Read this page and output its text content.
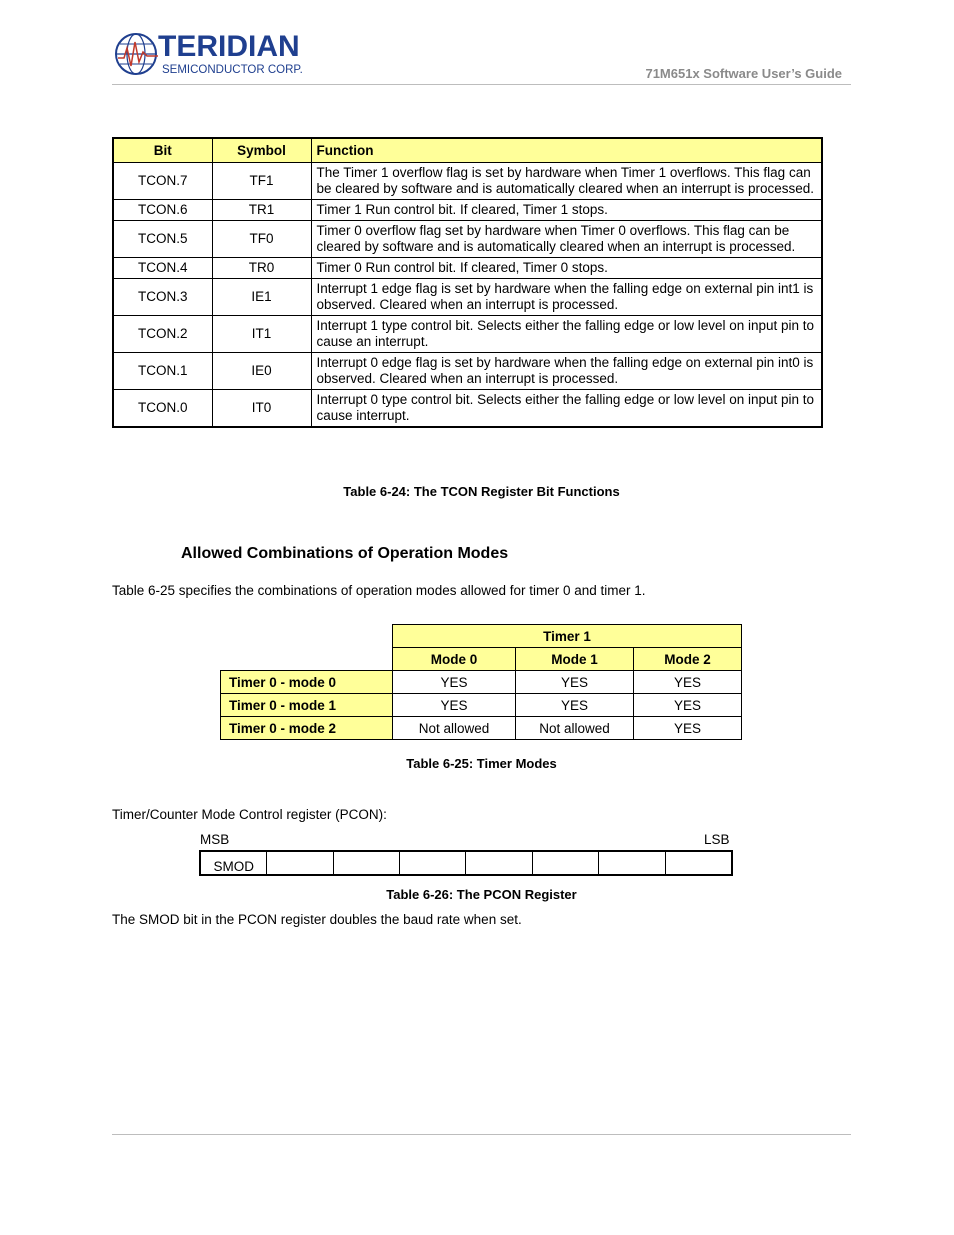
TERIDIAN
SEMICONDUCTOR CORP.	71M651x Software User’s Guide
Bit	Symbol	Function
TCON.7	TF1	The Timer 1 overflow flag is set by hardware when Timer 1 overflows. This flag can be cleared by software and is automatically cleared when an interrupt is processed.
TCON.6	TR1	Timer 1 Run control bit. If cleared, Timer 1 stops.
TCON.5	TF0	Timer 0 overflow flag set by hardware when Timer 0 overflows. This flag can be cleared by software and is automatically cleared when an interrupt is processed.
TCON.4	TR0	Timer 0 Run control bit. If cleared, Timer 0 stops.
TCON.3	IE1	Interrupt 1 edge flag is set by hardware when the falling edge on external pin int1 is observed. Cleared when an interrupt is processed.
TCON.2	IT1	Interrupt 1 type control bit. Selects either the falling edge or low level on input pin to cause an interrupt.
TCON.1	IE0	Interrupt 0 edge flag is set by hardware when the falling edge on external pin int0 is observed. Cleared when an interrupt is processed.
TCON.0	IT0	Interrupt 0 type control bit. Selects either the falling edge or low level on input pin to cause interrupt.
Table 6-24: The TCON Register Bit Functions
Allowed Combinations of Operation Modes
Table 6-25 specifies the combinations of operation modes allowed for timer 0 and timer 1.
	Timer 1		
	Mode 0	Mode 1	Mode 2
Timer 0 - mode 0	YES	YES	YES
Timer 0 - mode 1	YES	YES	YES
Timer 0 - mode 2	Not allowed	Not allowed	YES
Table 6-25: Timer Modes
Timer/Counter Mode Control register (PCON):
MSB	LSB
SMOD							
Table 6-26: The PCON Register
The SMOD bit in the PCON register doubles the baud rate when set.
